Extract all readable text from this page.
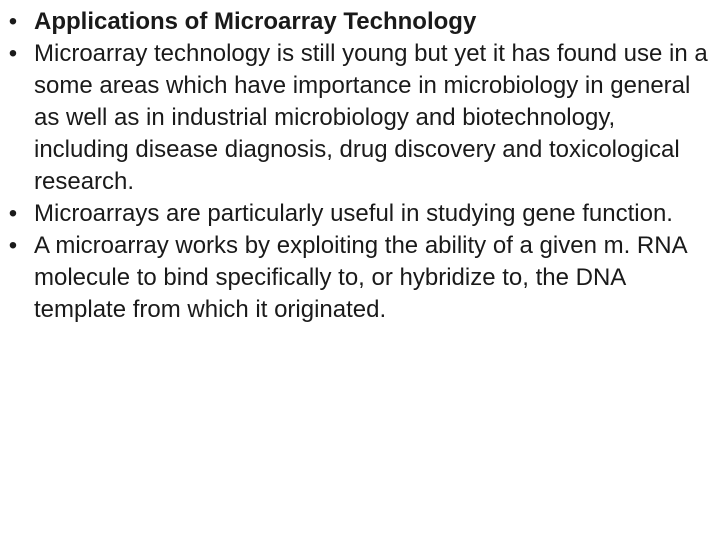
• Applications of Microarray Technology
• Microarray technology is still young but yet it has found use in a some areas which have importance in microbiology in general as well as in industrial microbiology and biotechnology, including disease diagnosis, drug discovery and toxicological research.
• Microarrays are particularly useful in studying gene function.
• A microarray works by exploiting the ability of a given m. RNA molecule to bind specifically to, or hybridize to, the DNA template from which it originated.
